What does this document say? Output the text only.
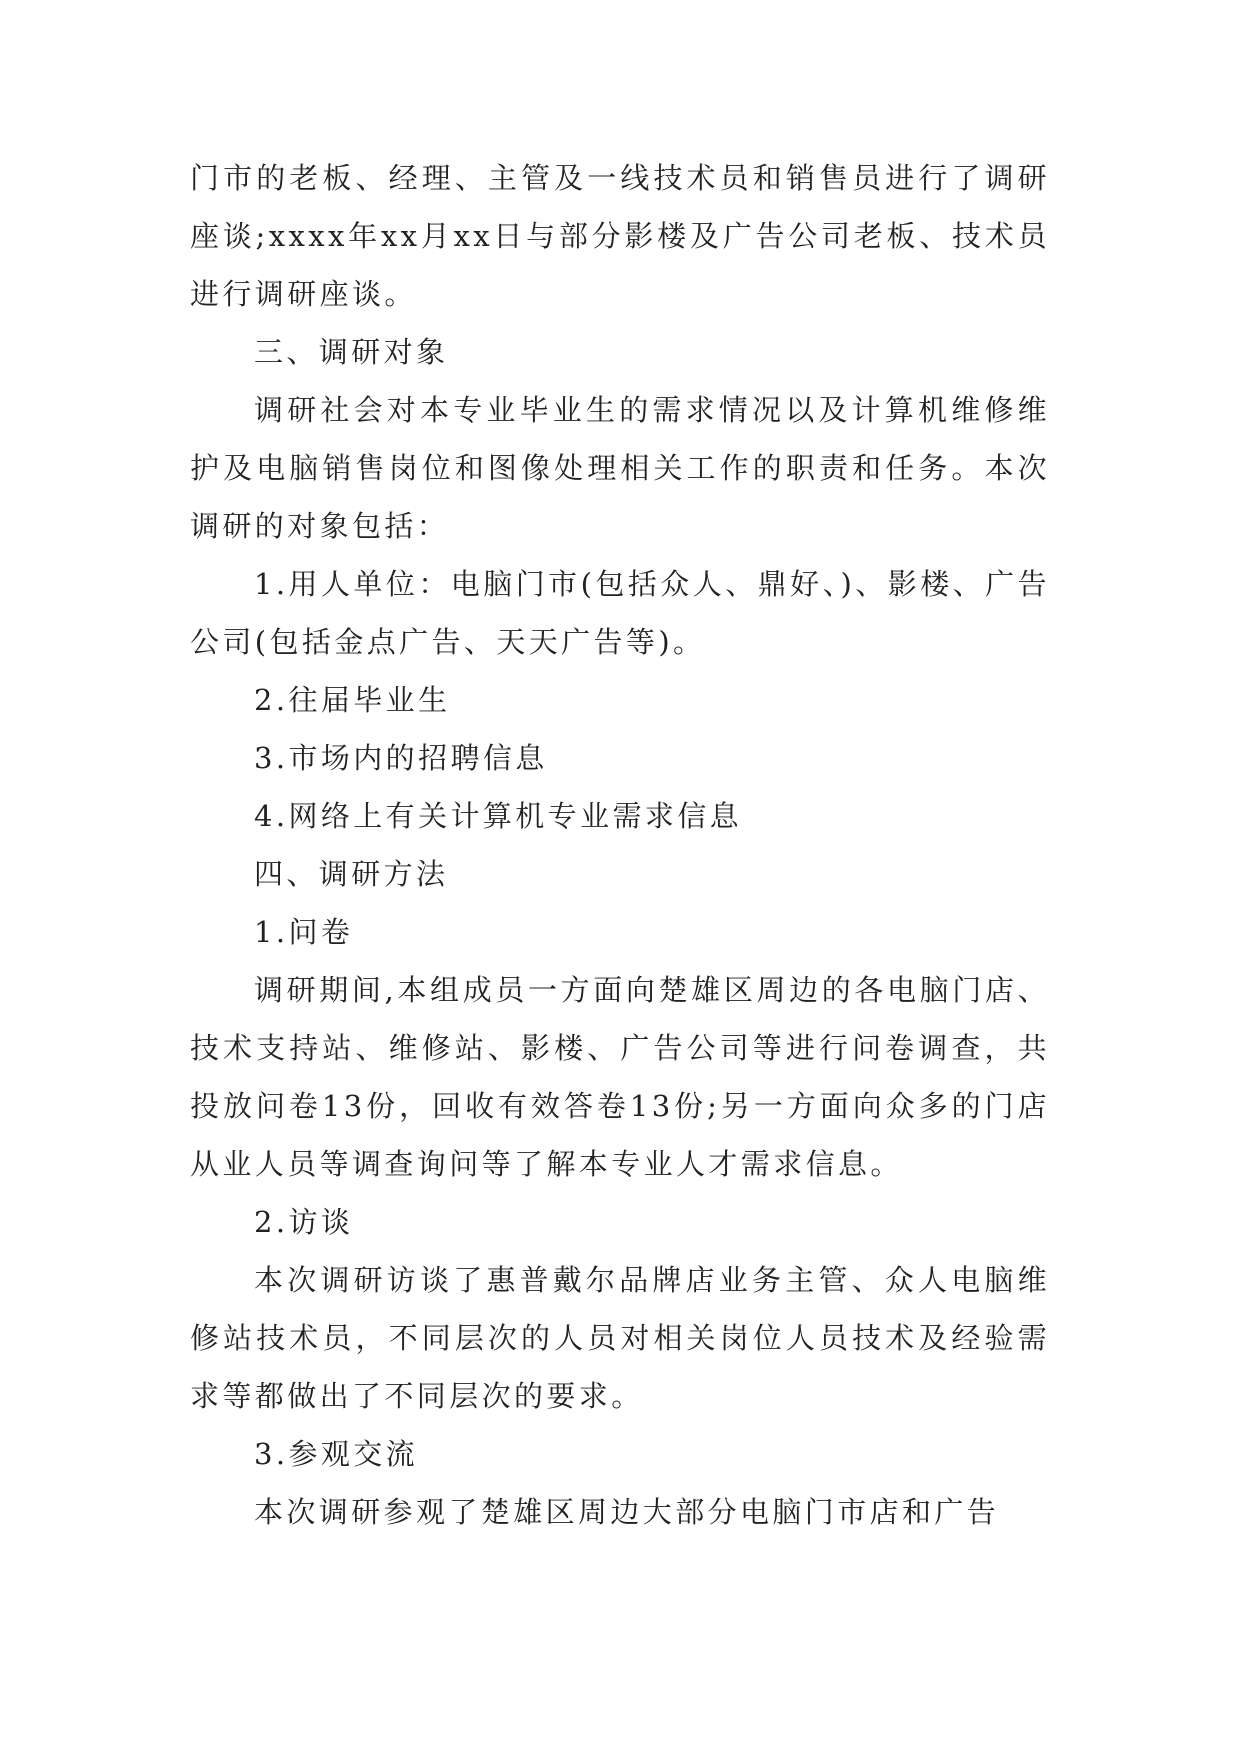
门市的老板、经理、主管及一线技术员和销售员进行了调研座谈;xxxx年xx月xx日与部分影楼及广告公司老板、技术员进行调研座谈。

三、调研对象

调研社会对本专业毕业生的需求情况以及计算机维修维护及电脑销售岗位和图像处理相关工作的职责和任务。本次调研的对象包括：

1.用人单位：电脑门市(包括众人、鼎好、)、影楼、广告公司(包括金点广告、天天广告等)。

2.往届毕业生

3.市场内的招聘信息

4.网络上有关计算机专业需求信息

四、调研方法

1.问卷

调研期间,本组成员一方面向楚雄区周边的各电脑门店、技术支持站、维修站、影楼、广告公司等进行问卷调查，共投放问卷13份，回收有效答卷13份;另一方面向众多的门店从业人员等调查询问等了解本专业人才需求信息。

2.访谈

本次调研访谈了惠普戴尔品牌店业务主管、众人电脑维修站技术员，不同层次的人员对相关岗位人员技术及经验需求等都做出了不同层次的要求。

3.参观交流

本次调研参观了楚雄区周边大部分电脑门市店和广告
